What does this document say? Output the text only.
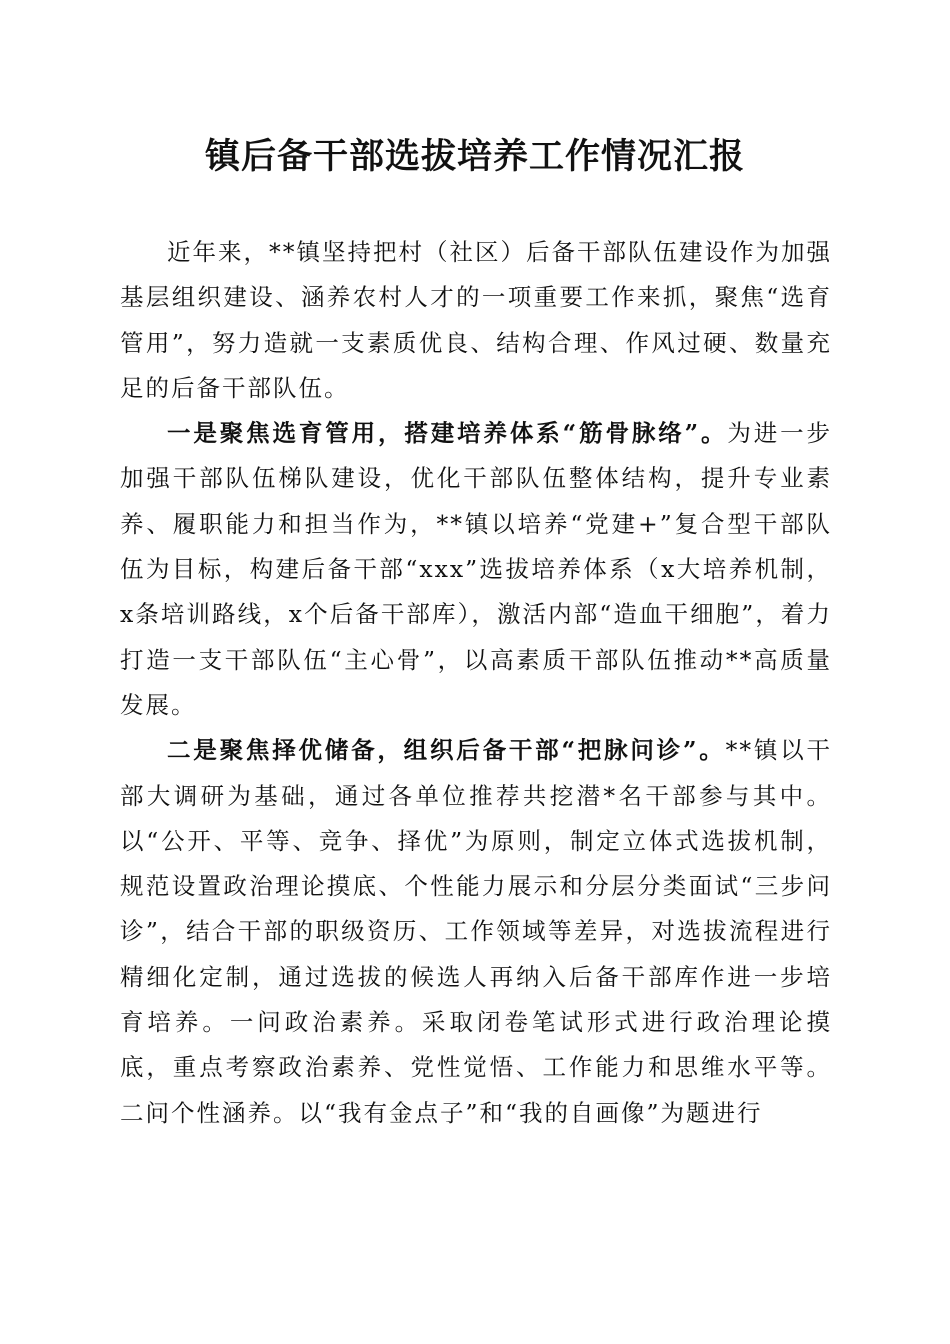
镇后备干部选拔培养工作情况汇报

近年来，**镇坚持把村（社区）后备干部队伍建设作为加强基层组织建设、涵养农村人才的一项重要工作来抓，聚焦“选育管用”，努力造就一支素质优良、结构合理、作风过硬、数量充足的后备干部队伍。

一是聚焦选育管用，搭建培养体系“筋骨脉络”。为进一步加强干部队伍梯队建设，优化干部队伍整体结构，提升专业素养、履职能力和担当作为，**镇以培养“党建+”复合型干部队伍为目标，构建后备干部“xxx”选拔培养体系（x大培养机制，x条培训路线，x个后备干部库），激活内部“造血干细胞”，着力打造一支干部队伍“主心骨”，以高素质干部队伍推动**高质量发展。

二是聚焦择优储备，组织后备干部“把脉问诊”。**镇以干部大调研为基础，通过各单位推荐共挖潜*名干部参与其中。以“公开、平等、竞争、择优”为原则，制定立体式选拔机制，规范设置政治理论摸底、个性能力展示和分层分类面试“三步问诊”，结合干部的职级资历、工作领域等差异，对选拔流程进行精细化定制，通过选拔的候选人再纳入后备干部库作进一步培育培养。一问政治素养。采取闭卷笔试形式进行政治理论摸底，重点考察政治素养、党性觉悟、工作能力和思维水平等。二问个性涵养。以“我有金点子”和“我的自画像”为题进行
